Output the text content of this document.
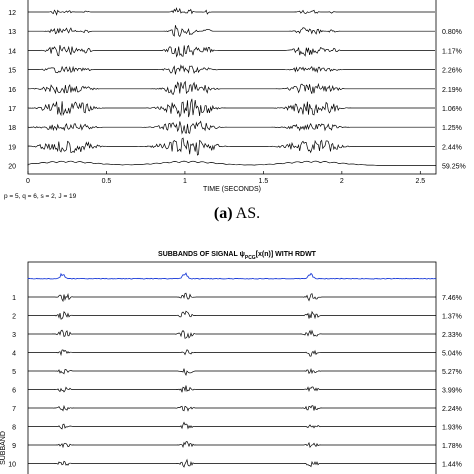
12
13	0.80%
14	1.17%
15	2.26%
16	2.19%
17	1.06%
18	1.25%
19	2.44%
20	59.25%
0	0.5	1	1.5	2	2.5
TIME (SECONDS)
p = 5, q = 6, s = 2, J = 19
SUBBANDS OF SIGNAL $\psi_{PCG}[x(n)]$ WITH RDWT
1	7.46%
2	1.37%
3	2.33%
4	5.04%
5	5.27%
6	3.99%
7	2.24%
8	1.93%
9	1.78%
10	1.44%
SUBBAND
(a) AS.
